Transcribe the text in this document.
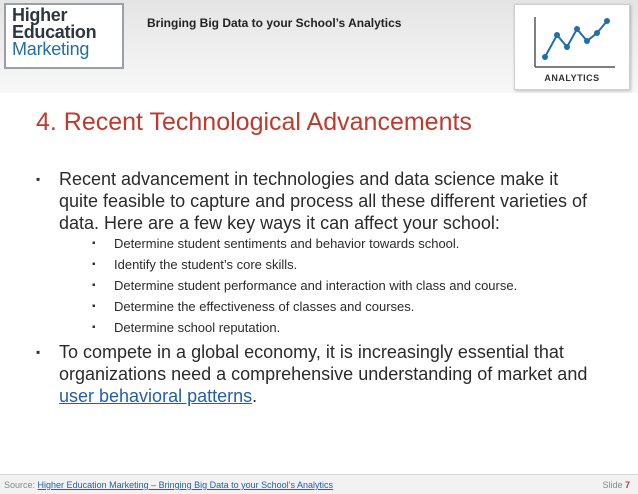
Higher
Education
Marketing
Bringing Big Data to your School’s Analytics
ANALYTICS
4. Recent Technological Advancements
▪ Recent advancement in technologies and data science make it quite feasible to capture and process all these different varieties of data. Here are a few key ways it can affect your school:
▪ Determine student sentiments and behavior towards school.
▪ Identify the student’s core skills.
▪ Determine student performance and interaction with class and course.
▪ Determine the effectiveness of classes and courses.
▪ Determine school reputation.
▪ To compete in a global economy, it is increasingly essential that organizations need a comprehensive understanding of market and user behavioral patterns.
Source: Higher Education Marketing – Bringing Big Data to your School’s Analytics	Slide 7
